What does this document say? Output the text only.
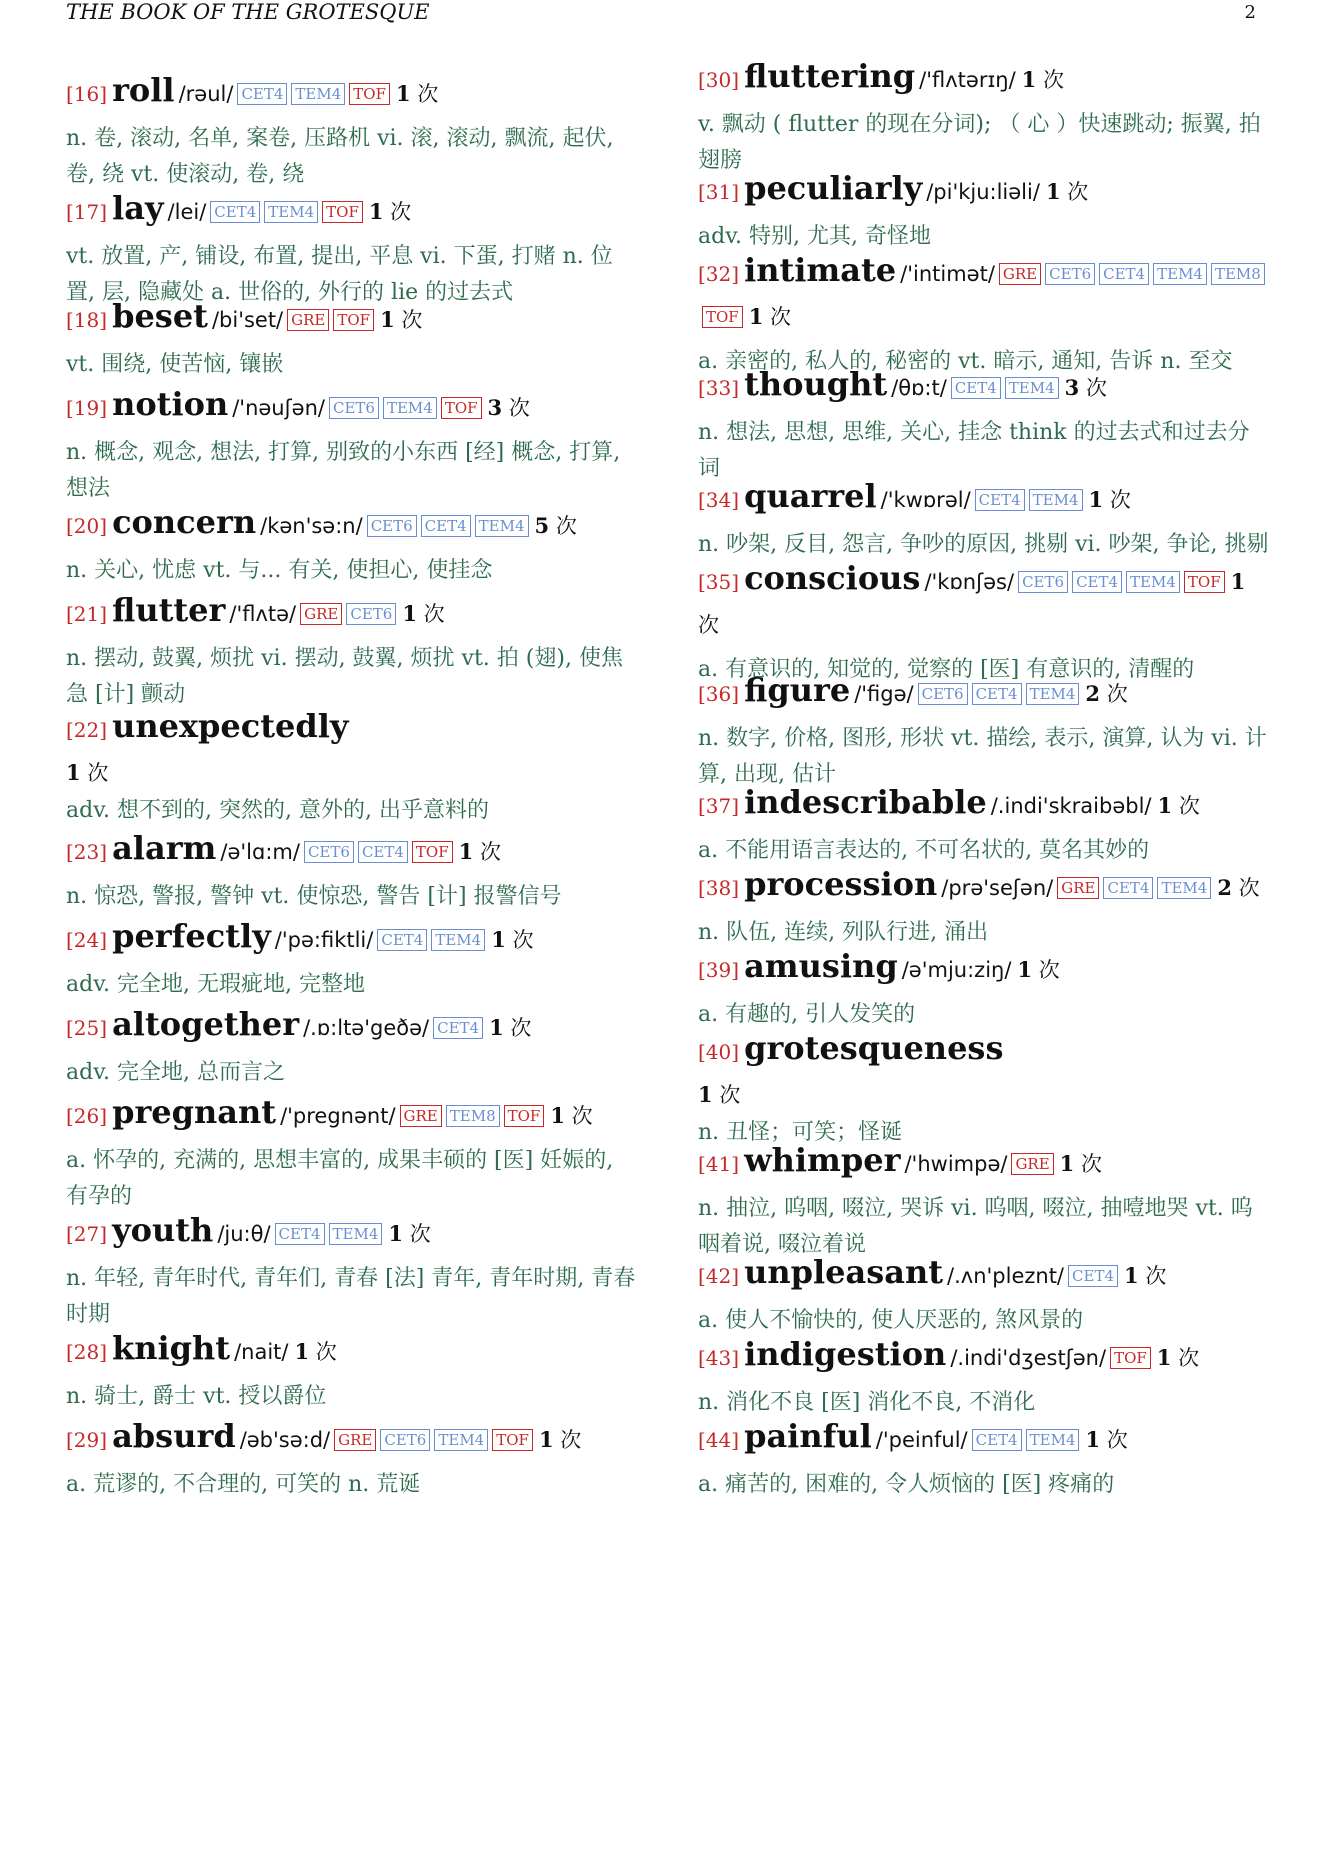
THE BOOK OF THE GROTESQUE	2
[16] roll /rəul/ CET4 TEM4 TOF 1 次
n. 卷, 滚动, 名单, 案卷, 压路机 vi. 滚, 滚动, 飘流, 起伏, 卷, 绕 vt. 使滚动, 卷, 绕
[17] lay /lei/ CET4 TEM4 TOF 1 次
vt. 放置, 产, 铺设, 布置, 提出, 平息 vi. 下蛋, 打赌 n. 位置, 层, 隐藏处 a. 世俗的, 外行的 lie 的过去式
[18] beset /bi'set/ GRE TOF 1 次
vt. 围绕, 使苦恼, 镶嵌
[19] notion /'nəuʃən/ CET6 TEM4 TOF 3 次
n. 概念, 观念, 想法, 打算, 别致的小东西 [经] 概念, 打算, 想法
[20] concern /kən'sə:n/ CET6 CET4 TEM4 5 次
n. 关心, 忧虑 vt. 与... 有关, 使担心, 使挂念
[21] flutter /'flʌtə/ GRE CET6 1 次
n. 摆动, 鼓翼, 烦扰 vi. 摆动, 鼓翼, 烦扰 vt. 拍 (翅), 使焦急 [计] 颤动
[22] unexpectedly
1 次
adv. 想不到的, 突然的, 意外的, 出乎意料的
[23] alarm /ə'lɑ:m/ CET6 CET4 TOF 1 次
n. 惊恐, 警报, 警钟 vt. 使惊恐, 警告 [计] 报警信号
[24] perfectly /'pə:fiktli/ CET4 TEM4 1 次
adv. 完全地, 无瑕疵地, 完整地
[25] altogether /.ɒ:ltə'geðə/ CET4 1 次
adv. 完全地, 总而言之
[26] pregnant /'pregnənt/ GRE TEM8 TOF 1 次
a. 怀孕的, 充满的, 思想丰富的, 成果丰硕的 [医] 妊娠的, 有孕的
[27] youth /ju:θ/ CET4 TEM4 1 次
n. 年轻, 青年时代, 青年们, 青春 [法] 青年, 青年时期, 青春时期
[28] knight /nait/ 1 次
n. 骑士, 爵士 vt. 授以爵位
[29] absurd /əb'sə:d/ GRE CET6 TEM4 TOF 1 次
a. 荒谬的, 不合理的, 可笑的 n. 荒诞
[30] fluttering /'flʌtərɪŋ/ 1 次
v. 飘动 ( flutter 的现在分词); （ 心 ）快速跳动; 振翼, 拍翅膀
[31] peculiarly /pi'kju:liəli/ 1 次
adv. 特别, 尤其, 奇怪地
[32] intimate /'intimət/ GRE CET6 CET4 TEM4 TEM8TOF 1 次
a. 亲密的, 私人的, 秘密的 vt. 暗示, 通知, 告诉 n. 至交
[33] thought /θɒ:t/ CET4 TEM4 3 次
n. 想法, 思想, 思维, 关心, 挂念 think 的过去式和过去分词
[34] quarrel /'kwɒrəl/ CET4 TEM4 1 次
n. 吵架, 反目, 怨言, 争吵的原因, 挑剔 vi. 吵架, 争论, 挑剔
[35] conscious /'kɒnʃəs/ CET6 CET4 TEM4 TOF 1 次
a. 有意识的, 知觉的, 觉察的 [医] 有意识的, 清醒的
[36] figure /'figə/ CET6 CET4 TEM4 2 次
n. 数字, 价格, 图形, 形状 vt. 描绘, 表示, 演算, 认为 vi. 计算, 出现, 估计
[37] indescribable /.indi'skraibəbl/ 1 次
a. 不能用语言表达的, 不可名状的, 莫名其妙的
[38] procession /prə'seʃən/ GRE CET4 TEM4 2 次
n. 队伍, 连续, 列队行进, 涌出
[39] amusing /ə'mju:ziŋ/ 1 次
a. 有趣的, 引人发笑的
[40] grotesqueness
1 次
n. 丑怪；可笑；怪诞
[41] whimper /'hwimpə/ GRE 1 次
n. 抽泣, 呜咽, 啜泣, 哭诉 vi. 呜咽, 啜泣, 抽噎地哭 vt. 呜咽着说, 啜泣着说
[42] unpleasant /.ʌn'pleznt/ CET4 1 次
a. 使人不愉快的, 使人厌恶的, 煞风景的
[43] indigestion /.indi'dʒestʃən/ TOF 1 次
n. 消化不良 [医] 消化不良, 不消化
[44] painful /'peinful/ CET4 TEM4 1 次
a. 痛苦的, 困难的, 令人烦恼的 [医] 疼痛的
